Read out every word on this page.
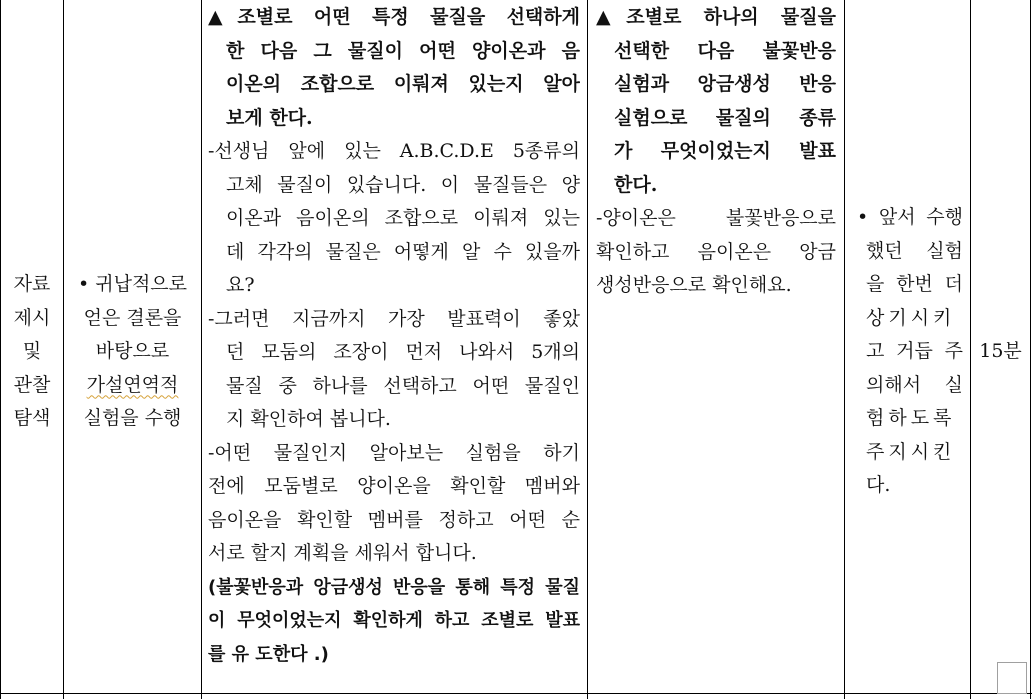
자료
제시
및
관찰
탐색
• 귀납적으로
얻은 결론을
바탕으로
가설연역적
실험을 수행
▲조별로 어떤 특정 물질을 선택하게
한 다음 그 물질이 어떤 양이온과 음
이온의 조합으로 이뤄져 있는지 알아
보게 한다.
-선생님 앞에 있는 A.B.C.D.E 5종류의
고체 물질이 있습니다. 이 물질들은 양
이온과 음이온의 조합으로 이뤄져 있는
데 각각의 물질은 어떻게 알 수 있을까
요?
-그러면 지금까지 가장 발표력이 좋았
던 모둠의 조장이 먼저 나와서 5개의
물질 중 하나를 선택하고 어떤 물질인
지 확인하여 봅니다.
-어떤 물질인지 알아보는 실험을 하기
전에 모둠별로 양이온을 확인할 멤버와
음이온을 확인할 멤버를 정하고 어떤 순
서로 할지 계획을 세워서 합니다.
(불꽃반응과 앙금생성 반응을 통해 특정 물질
이 무엇이었는지 확인하게 하고 조별로 발표
를 유 도한다 .)
▲조별로 하나의 물질을
선택한 다음 불꽃반응
실험과 앙금생성 반응
실험으로 물질의 종류
가 무엇이었는지 발표
한다.
-양이온은 불꽃반응으로
확인하고 음이온은 앙금
생성반응으로 확인해요.
• 앞서 수행
했던 실험
을 한번 더
상기시키
고 거듭 주
의해서 실
험하도록
주지시킨
다.
15분
